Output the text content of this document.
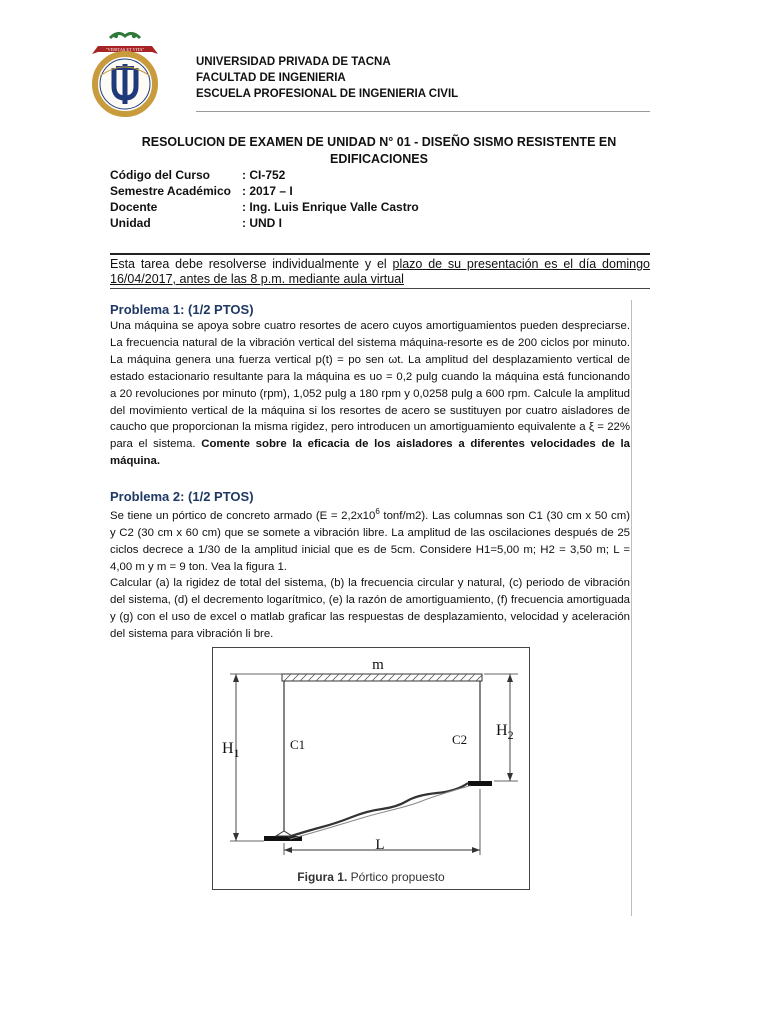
"VERITAS ET VITA"
UNIVERSIDAD PRIVADA DE TACNA
FACULTAD DE INGENIERIA
ESCUELA PROFESIONAL DE INGENIERIA CIVIL
RESOLUCION DE EXAMEN DE UNIDAD N° 01 - DISEÑO SISMO RESISTENTE EN
EDIFICACIONES
Código del Curso	: CI-752
Semestre Académico : 2017 – I
Docente	: Ing. Luis Enrique Valle Castro
Unidad	: UND I
Esta tarea debe resolverse individualmente y el plazo de su presentación es el día domingo 16/04/2017, antes de las 8 p.m. mediante aula virtual
Problema 1: (1/2 PTOS)
Una máquina se apoya sobre cuatro resortes de acero cuyos amortiguamientos pueden despreciarse. La frecuencia natural de la vibración vertical del sistema máquina-resorte es de 200 ciclos por minuto. La máquina genera una fuerza vertical p(t) = po sen ωt. La amplitud del desplazamiento vertical de estado estacionario resultante para la máquina es uo = 0,2 pulg cuando la máquina está funcionando a 20 revoluciones por minuto (rpm), 1,052 pulg a 180 rpm y 0,0258 pulg a 600 rpm. Calcule la amplitud del movimiento vertical de la máquina si los resortes de acero se sustituyen por cuatro aisladores de caucho que proporcionan la misma rigidez, pero introducen un amortiguamiento equivalente a ξ = 22% para el sistema. Comente sobre la eficacia de los aisladores a diferentes velocidades de la máquina.
Problema 2: (1/2 PTOS)
Se tiene un pórtico de concreto armado ($E = 2,2x10^6$ tonf/m2). Las columnas son C1 (30 cm x 50 cm) y C2 (30 cm x 60 cm) que se somete a vibración libre. La amplitud de las oscilaciones después de 25 ciclos decrece a 1/30 de la amplitud inicial que es de 5cm. Considere H1=5,00 m; H2 = 3,50 m; L = 4,00 m y m = 9 ton. Vea la figura 1.
Calcular (a) la rigidez de total del sistema, (b) la frecuencia circular y natural, (c) periodo de vibración del sistema, (d) el decremento logarítmico, (e) la razón de amortiguamiento, (f) frecuencia amortiguada y (g) con el uso de excel o matlab graficar las respuestas de desplazamiento, velocidad y aceleración del sistema para vibración li bre.
m
$H_1$
$H_2$
C1	C2
L
Figura 1. Pórtico propuesto
